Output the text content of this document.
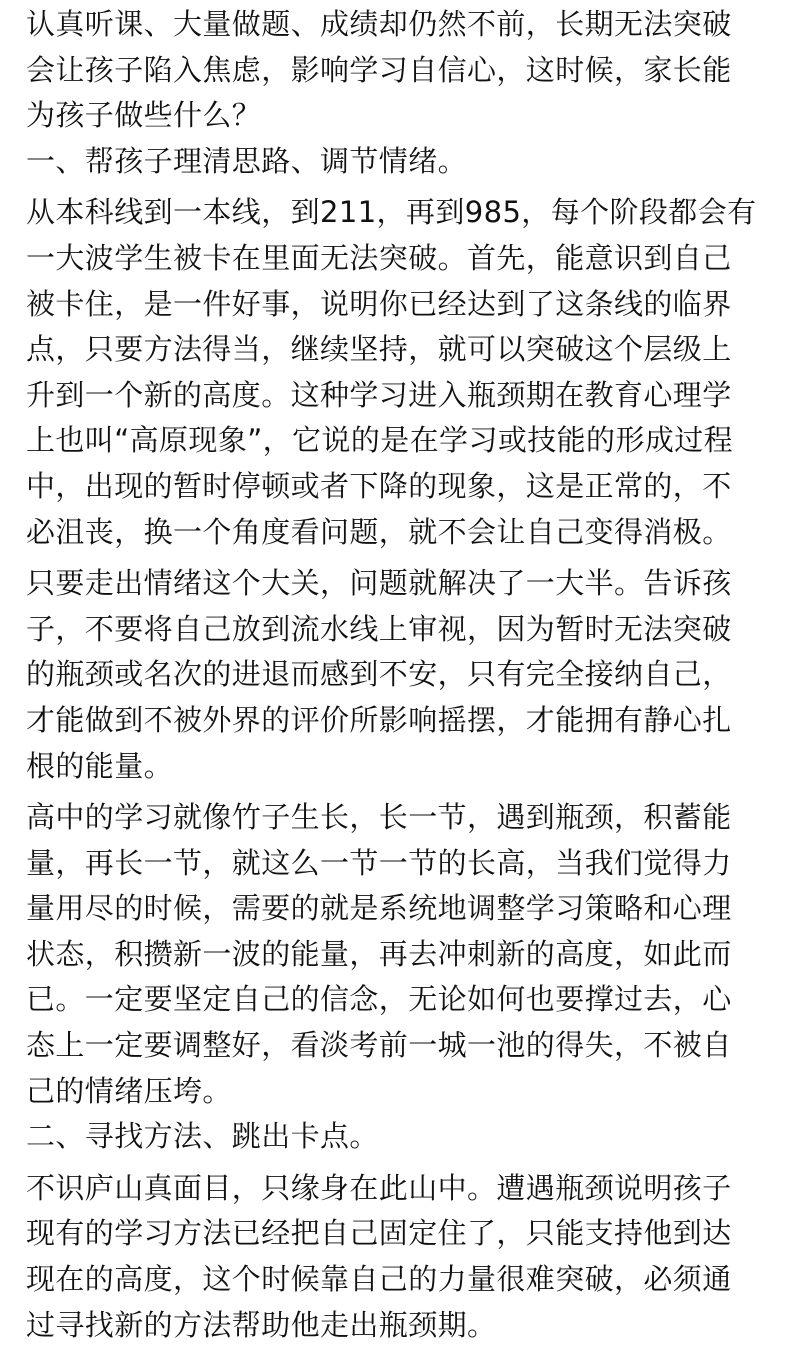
认真听课、大量做题、成绩却仍然不前，长期无法突破
会让孩子陷入焦虑，影响学习自信心，这时候，家长能
为孩子做些什么？

一、帮孩子理清思路、调节情绪。

从本科线到一本线，到211，再到985，每个阶段都会有
一大波学生被卡在里面无法突破。首先，能意识到自己
被卡住，是一件好事，说明你已经达到了这条线的临界
点，只要方法得当，继续坚持，就可以突破这个层级上
升到一个新的高度。这种学习进入瓶颈期在教育心理学
上也叫“高原现象”，它说的是在学习或技能的形成过程
中，出现的暂时停顿或者下降的现象，这是正常的，不
必沮丧，换一个角度看问题，就不会让自己变得消极。

只要走出情绪这个大关，问题就解决了一大半。告诉孩
子，不要将自己放到流水线上审视，因为暂时无法突破
的瓶颈或名次的进退而感到不安，只有完全接纳自己，
才能做到不被外界的评价所影响摇摆，才能拥有静心扎
根的能量。

高中的学习就像竹子生长，长一节，遇到瓶颈，积蓄能
量，再长一节，就这么一节一节的长高，当我们觉得力
量用尽的时候，需要的就是系统地调整学习策略和心理
状态，积攒新一波的能量，再去冲刺新的高度，如此而
已。一定要坚定自己的信念，无论如何也要撑过去，心
态上一定要调整好，看淡考前一城一池的得失，不被自
己的情绪压垮。

二、寻找方法、跳出卡点。

不识庐山真面目，只缘身在此山中。遭遇瓶颈说明孩子
现有的学习方法已经把自己固定住了，只能支持他到达
现在的高度，这个时候靠自己的力量很难突破，必须通
过寻找新的方法帮助他走出瓶颈期。
